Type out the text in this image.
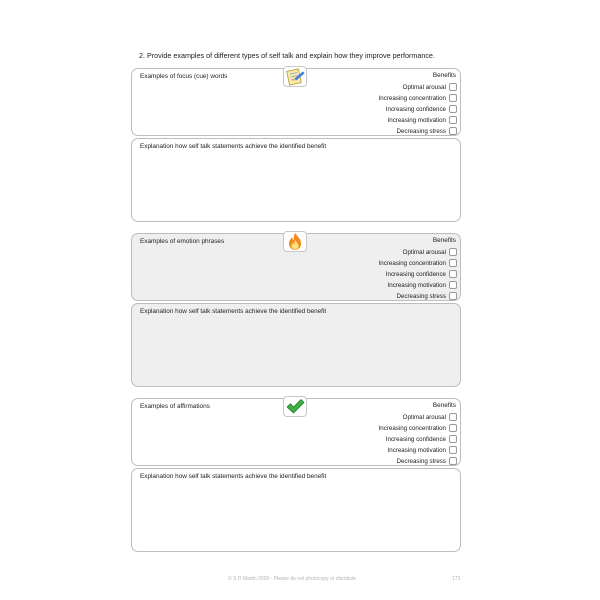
2. Provide examples of different types of self talk and explain how they improve performance.
Examples of focus (cue) words	Benefits
Optimal arousal
Increasing concentration
Increasing confidence
Increasing motivation
Decreasing stress
Explanation how self talk statements achieve the identified benefit
Examples of emotion phrases	Benefits
Optimal arousal
Increasing concentration
Increasing confidence
Increasing motivation
Decreasing stress
Explanation how self talk statements achieve the identified benefit
Examples of affirmations	Benefits
Optimal arousal
Increasing concentration
Increasing confidence
Increasing motivation
Decreasing stress
Explanation how self talk statements achieve the identified benefit
© S D Martin 2026 - Please do not photocopy or distribute	173
